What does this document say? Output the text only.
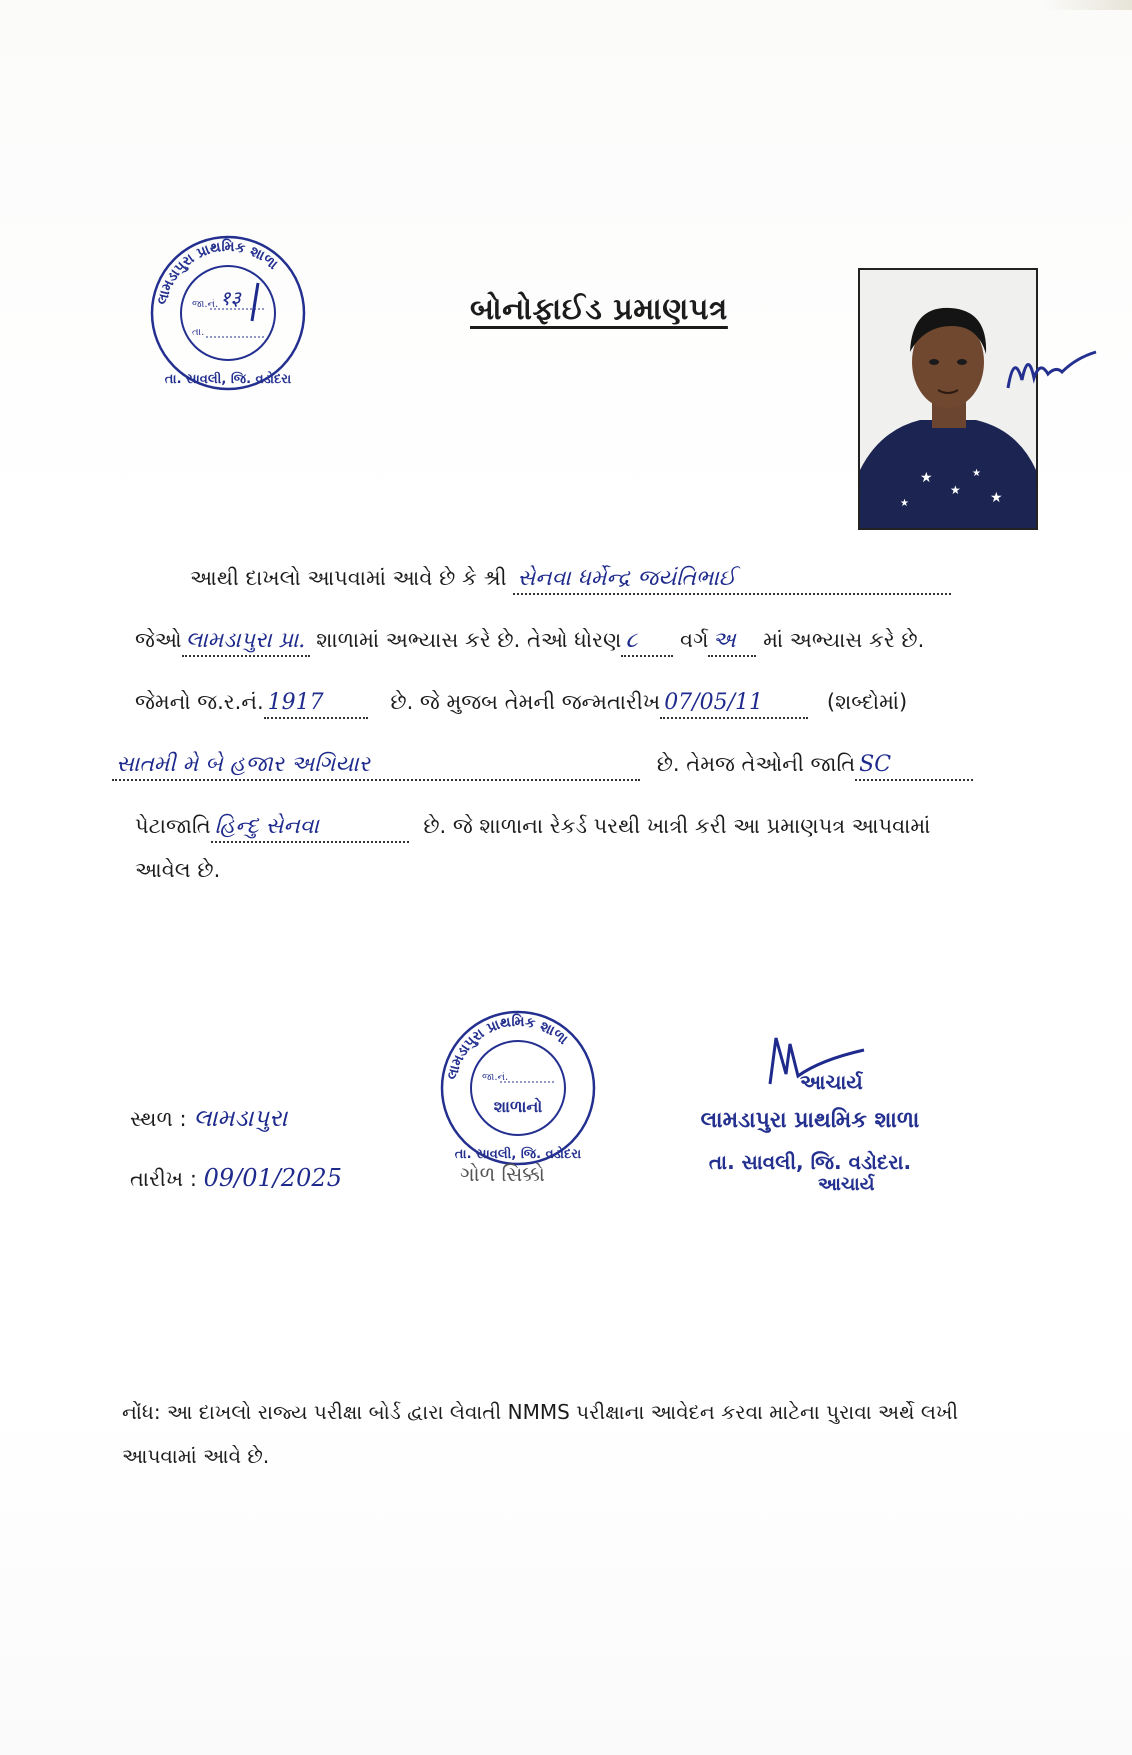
લામડાપુરા પ્રાથમિક શાળા
તા. સાવલી, જિ. વડોદરા
જા.નં. १३
તા.
બોનોફાઈડ પ્રમાણપત્ર
★
★
★
★
★
આથી દાખલો આપવામાં આવે છે કે શ્રી સેનવા ધર્મેન્દ્ર જયંતિભાઈ
જેઓ લામડાપુરા પ્રા. શાળામાં અભ્યાસ કરે છે. તેઓ ધોરણ ૮ વર્ગ અ માં અભ્યાસ કરે છે.
જેમનો જ.ર.નં. 1917	છે. જે મુજબ તેમની જન્મતારીખ 07/05/11	(શબ્દોમાં)
સાતમી મે બે હજાર અગિયાર	છે. તેમજ તેઓની જાતિ SC
પેટાજાતિ હિન્દુ સેનવા	છે. જે શાળાના રેકર્ડ પરથી ખાત્રી કરી આ પ્રમાણપત્ર આપવામાં
આવેલ છે.
સ્થળ : લામડાપુરા
તારીખ : 09/01/2025
લામડાપુરા પ્રાથમિક શાળા
તા. સાવલી, જિ. વડોદરા
જા.નં.
શાળાનો
ગોળ સિક્કો
આચાર્ય
લામડાપુરા પ્રાથમિક શાળા
તા. સાવલી, જિ. વડોદરા.
આચાર્ય
નોંધ: આ દાખલો રાજ્ય પરીક્ષા બોર્ડ દ્વારા લેવાતી NMMS પરીક્ષાના આવેદન કરવા માટેના પુરાવા અર્થે લખી
આપવામાં આવે છે.
